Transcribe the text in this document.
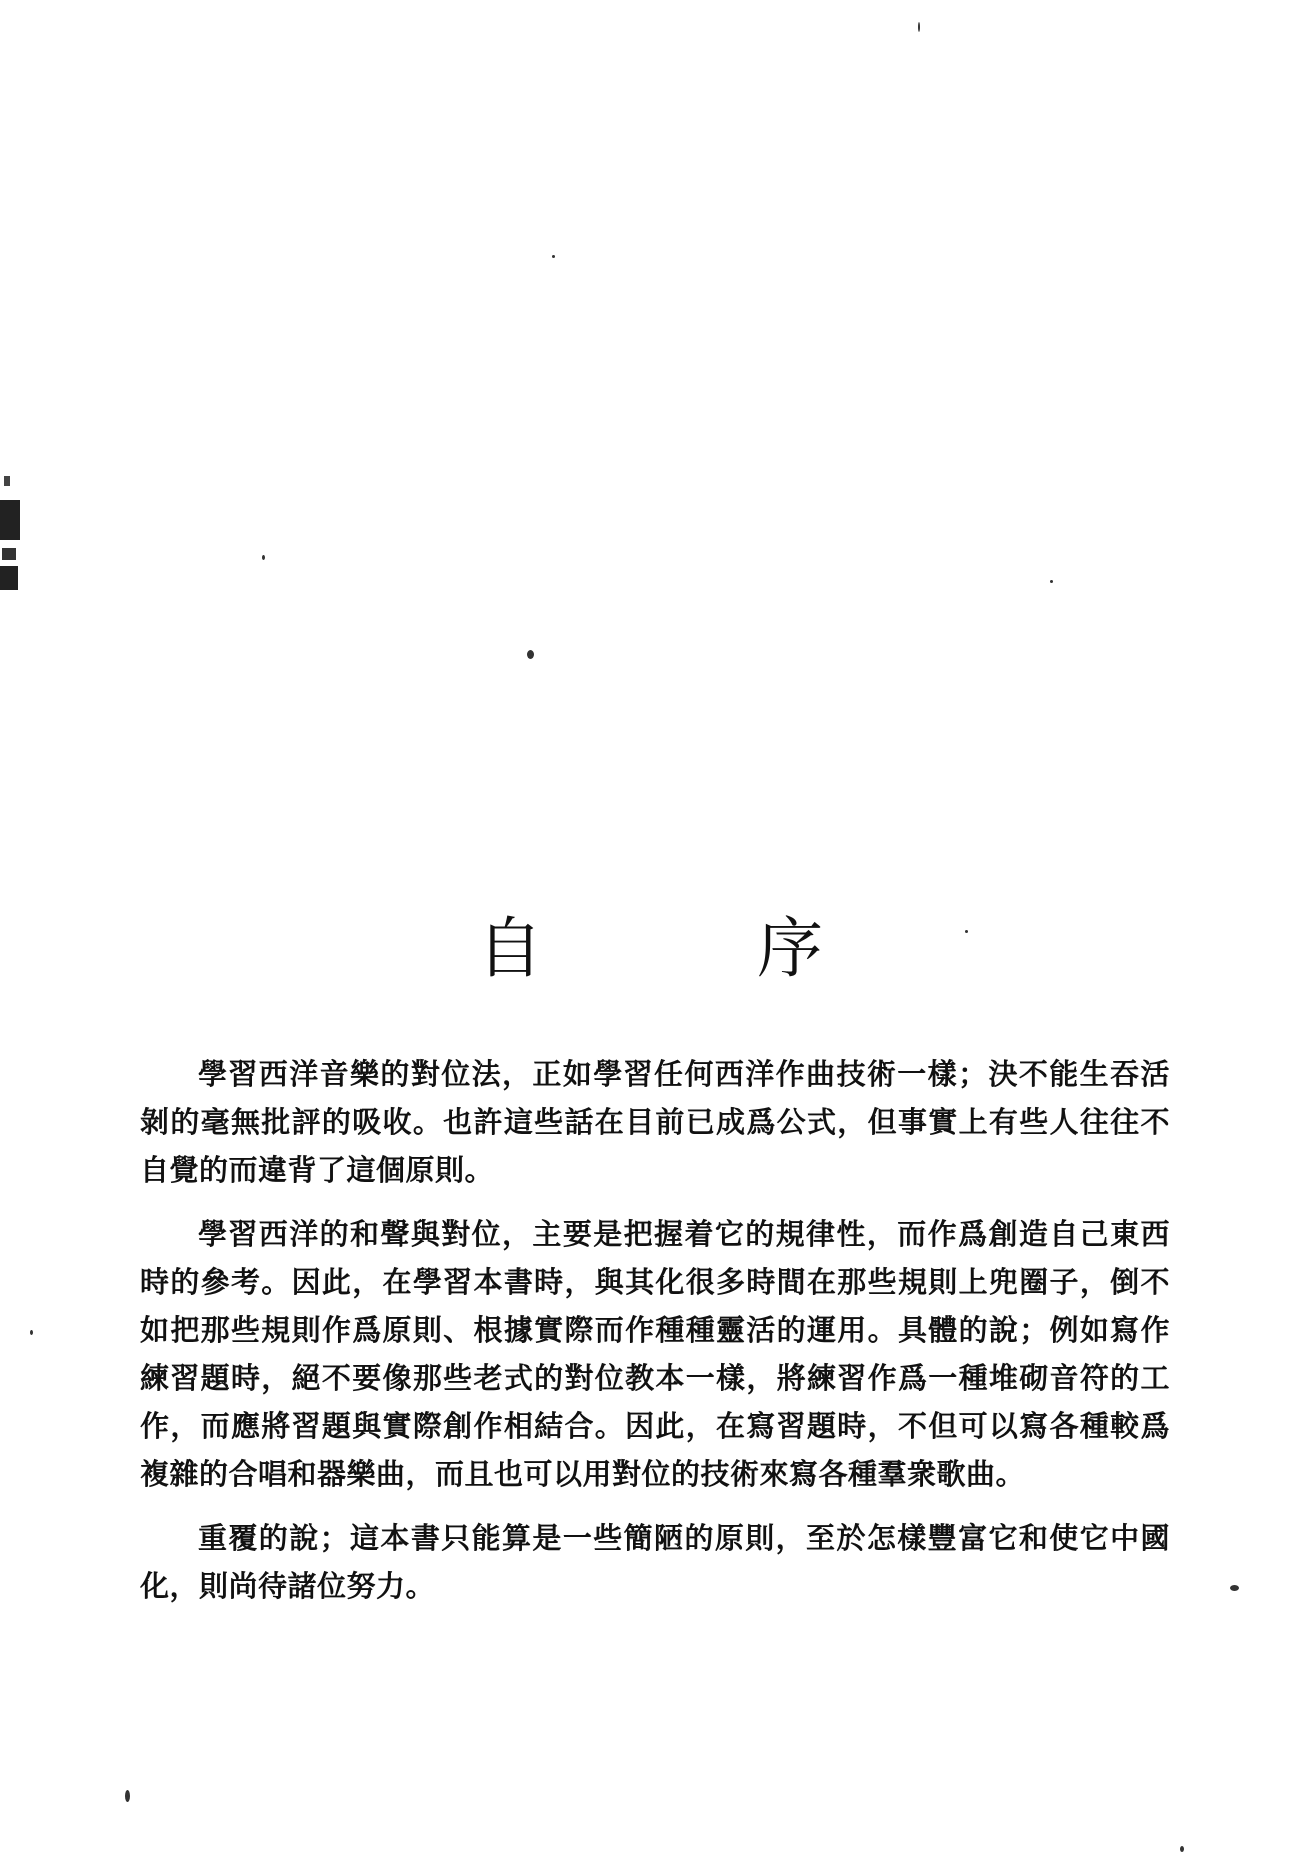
自　序

學習西洋音樂的對位法，正如學習任何西洋作曲技術一樣；決不能生吞活剝的毫無批評的吸收。也許這些話在目前已成爲公式，但事實上有些人往往不自覺的而違背了這個原則。

學習西洋的和聲與對位，主要是把握着它的規律性，而作爲創造自己東西時的參考。因此，在學習本書時，與其化很多時間在那些規則上兜圈子，倒不如把那些規則作爲原則、根據實際而作種種靈活的運用。具體的說；例如寫作練習題時，絕不要像那些老式的對位教本一樣，將練習作爲一種堆砌音符的工作，而應將習題與實際創作相結合。因此，在寫習題時，不但可以寫各種較爲複雜的合唱和器樂曲，而且也可以用對位的技術來寫各種羣衆歌曲。

重覆的說；這本書只能算是一些簡陋的原則，至於怎樣豐富它和使它中國化，則尚待諸位努力。
